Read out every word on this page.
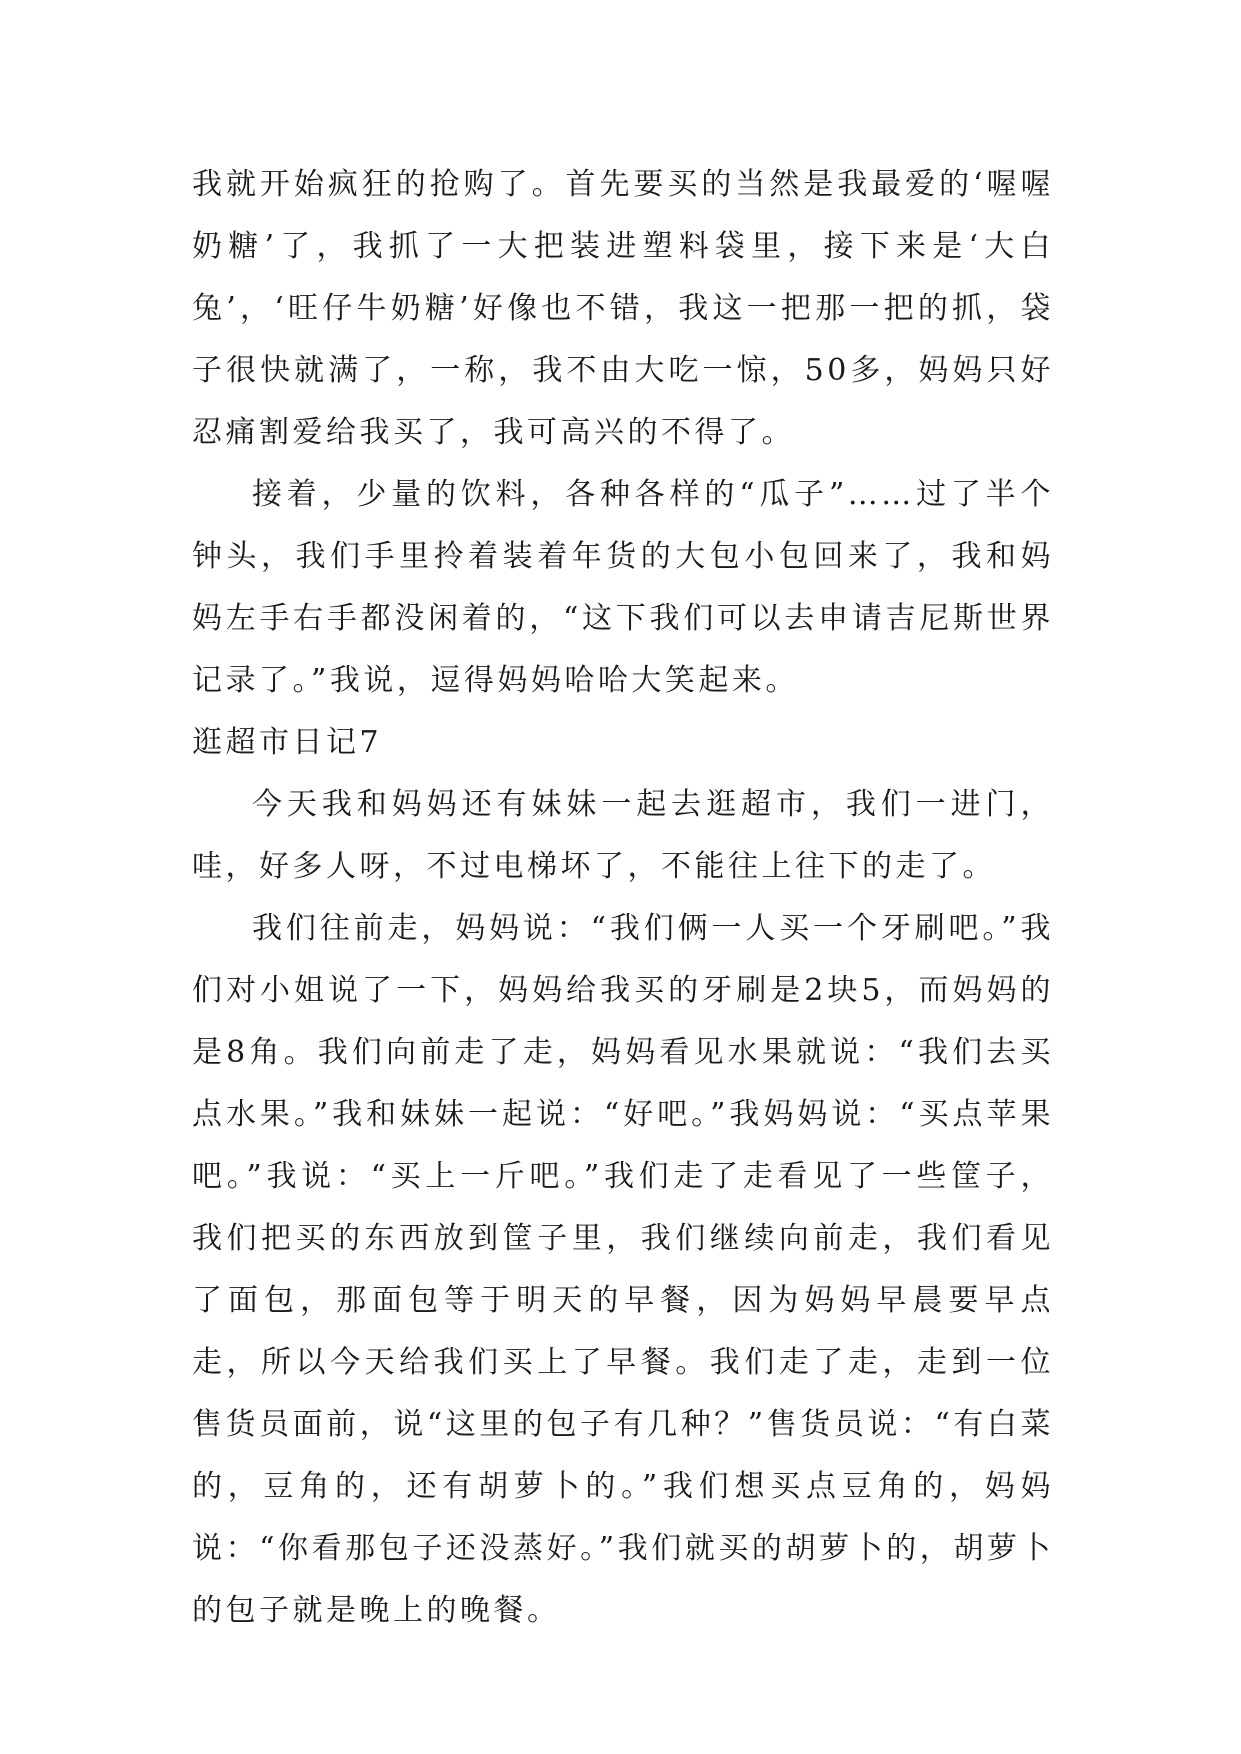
我就开始疯狂的抢购了。首先要买的当然是我最爱的‘喔喔奶糖’了，我抓了一大把装进塑料袋里，接下来是‘大白兔’，‘旺仔牛奶糖’好像也不错，我这一把那一把的抓，袋子很快就满了，一称，我不由大吃一惊，50多，妈妈只好忍痛割爱给我买了，我可高兴的不得了。

接着，少量的饮料，各种各样的“瓜子”……过了半个钟头，我们手里拎着装着年货的大包小包回来了，我和妈妈左手右手都没闲着的，“这下我们可以去申请吉尼斯世界记录了。”我说，逗得妈妈哈哈大笑起来。

逛超市日记7

今天我和妈妈还有妹妹一起去逛超市，我们一进门，哇，好多人呀，不过电梯坏了，不能往上往下的走了。

我们往前走，妈妈说：“我们俩一人买一个牙刷吧。”我们对小姐说了一下，妈妈给我买的牙刷是2块5，而妈妈的是8角。我们向前走了走，妈妈看见水果就说：“我们去买点水果。”我和妹妹一起说：“好吧。”我妈妈说：“买点苹果吧。”我说：“买上一斤吧。”我们走了走看见了一些筐子，我们把买的东西放到筐子里，我们继续向前走，我们看见了面包，那面包等于明天的早餐，因为妈妈早晨要早点走，所以今天给我们买上了早餐。我们走了走，走到一位售货员面前，说“这里的包子有几种？”售货员说：“有白菜的，豆角的，还有胡萝卜的。”我们想买点豆角的，妈妈说：“你看那包子还没蒸好。”我们就买的胡萝卜的，胡萝卜的包子就是晚上的晚餐。
